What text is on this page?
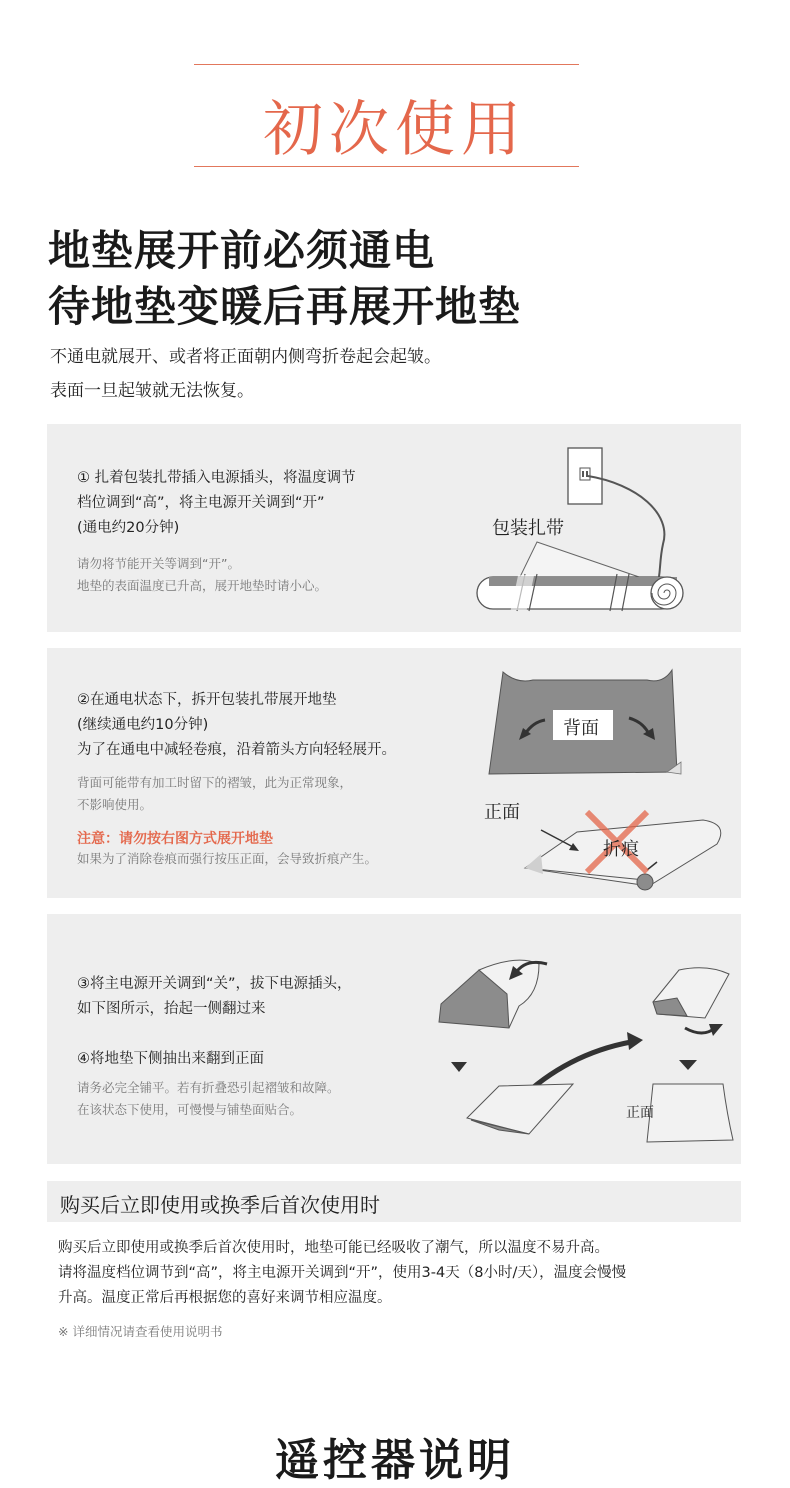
初次使用
地垫展开前必须通电
待地垫变暖后再展开地垫
不通电就展开、或者将正面朝内侧弯折卷起会起皱。
表面一旦起皱就无法恢复。
① 扎着包装扎带插入电源插头，将温度调节
档位调到“高”，将主电源开关调到“开”
(通电约20分钟)
请勿将节能开关等调到“开”。
地垫的表面温度已升高，展开地垫时请小心。
包装扎带
②在通电状态下，拆开包装扎带展开地垫
(继续通电约10分钟)
为了在通电中减轻卷痕，沿着箭头方向轻轻展开。
背面可能带有加工时留下的褶皱，此为正常现象，
不影响使用。
注意：请勿按右图方式展开地垫
如果为了消除卷痕而强行按压正面，会导致折痕产生。
背面
正面
折痕
③将主电源开关调到“关”，拔下电源插头，
如下图所示，抬起一侧翻过来
④将地垫下侧抽出来翻到正面
请务必完全铺平。若有折叠恐引起褶皱和故障。
在该状态下使用，可慢慢与铺垫面贴合。	正面
购买后立即使用或换季后首次使用时
购买后立即使用或换季后首次使用时，地垫可能已经吸收了潮气，所以温度不易升高。
请将温度档位调节到“高”，将主电源开关调到“开”，使用3-4天（8小时/天），温度会慢慢
升高。温度正常后再根据您的喜好来调节相应温度。
※ 详细情况请查看使用说明书
遥控器说明
